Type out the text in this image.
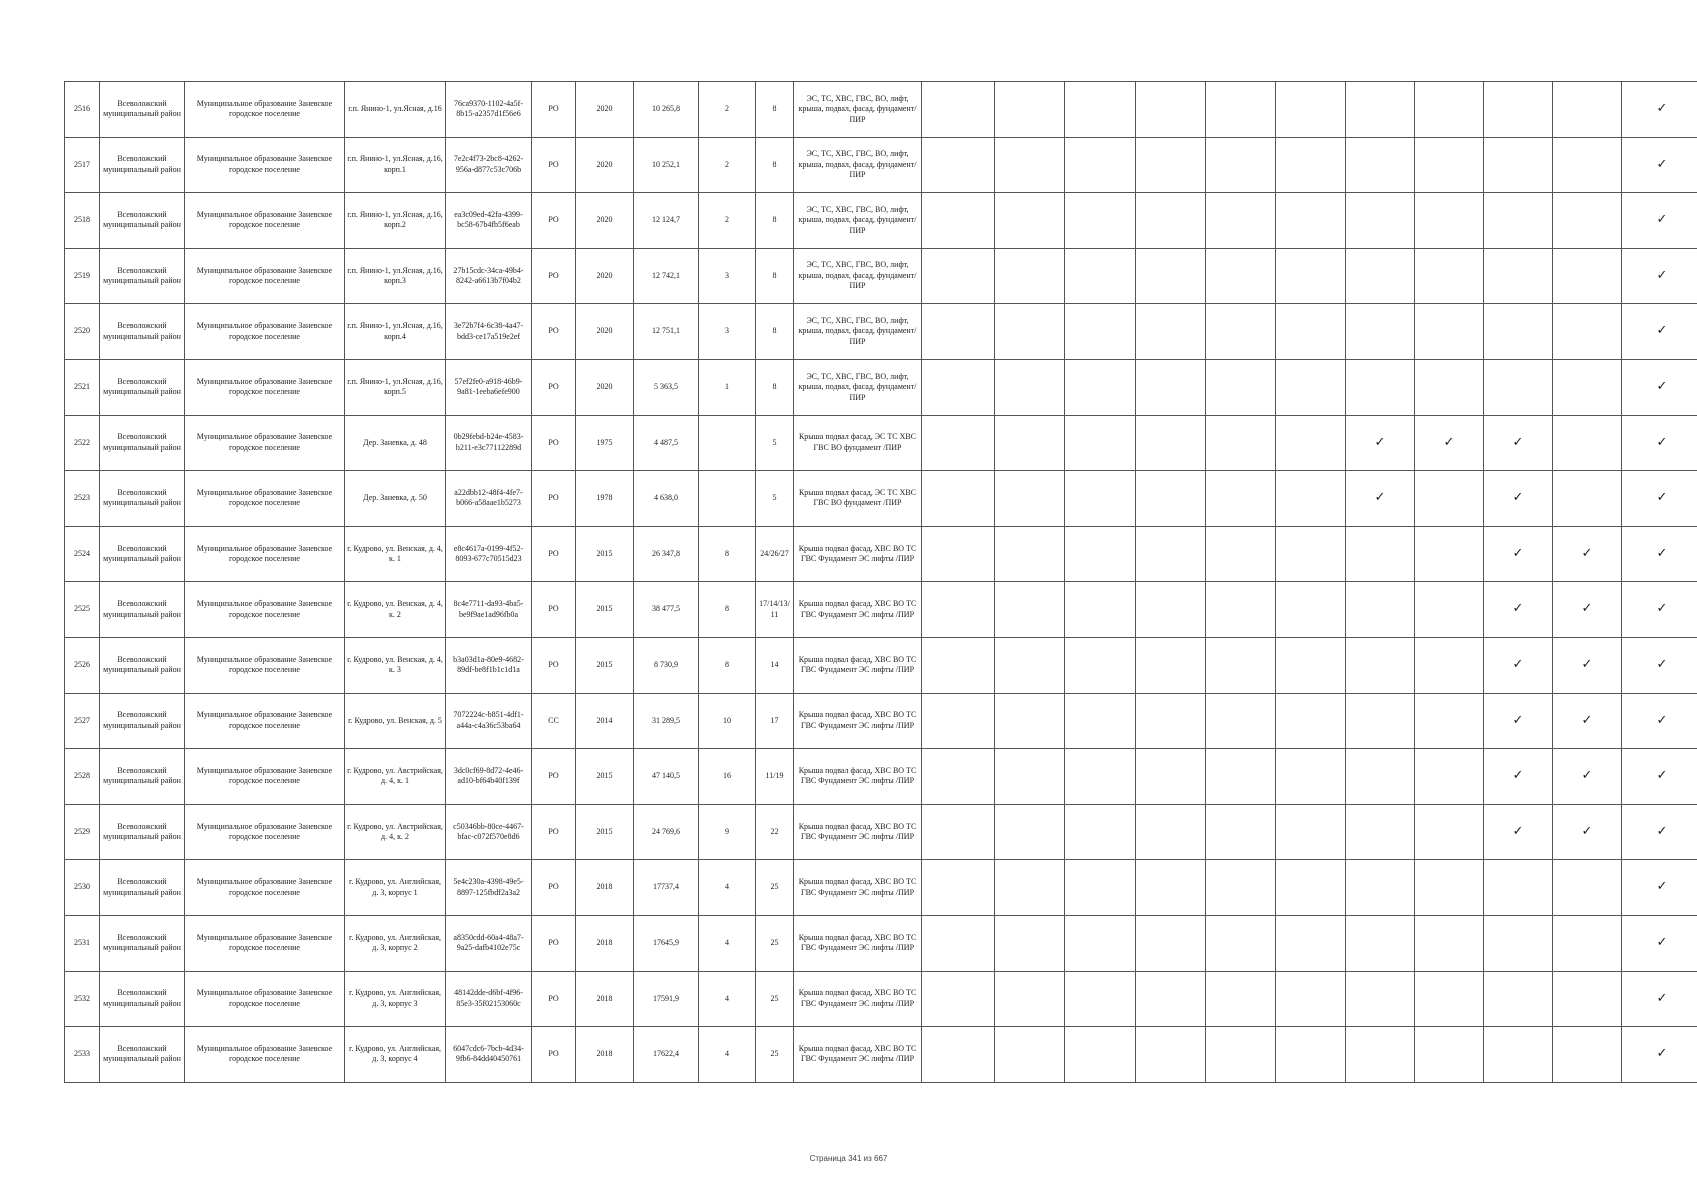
2516	Всеволожский муниципальный район	Муниципальное образование Заневское городское поселение	г.п. Янино-1, ул.Ясная, д.16	76ca9370-1102-4a5f-8b15-a2357d1f56e6	РО	2020	10 265,8	2	8	ЭС, ТС, ХВС, ГВС, ВО, лифт, крыша, подвал, фасад, фундамент/ПИР											✓
2517	Всеволожский муниципальный район	Муниципальное образование Заневское городское поселение	г.п. Янино-1, ул.Ясная, д.16, корп.1	7e2c4f73-2bc8-4262-956a-d877c53c706b	РО	2020	10 252,1	2	8	ЭС, ТС, ХВС, ГВС, ВО, лифт, крыша, подвал, фасад, фундамент/ПИР											✓
2518	Всеволожский муниципальный район	Муниципальное образование Заневское городское поселение	г.п. Янино-1, ул.Ясная, д.16, корп.2	ea3c09ed-42fa-4399-bc58-67b4fb5f6eab	РО	2020	12 124,7	2	8	ЭС, ТС, ХВС, ГВС, ВО, лифт, крыша, подвал, фасад, фундамент/ПИР											✓
2519	Всеволожский муниципальный район	Муниципальное образование Заневское городское поселение	г.п. Янино-1, ул.Ясная, д.16, корп.3	27b15cdc-34ca-49b4-8242-a6613b7f04b2	РО	2020	12 742,1	3	8	ЭС, ТС, ХВС, ГВС, ВО, лифт, крыша, подвал, фасад, фундамент/ПИР											✓
2520	Всеволожский муниципальный район	Муниципальное образование Заневское городское поселение	г.п. Янино-1, ул.Ясная, д.16, корп.4	3e72b7f4-6c38-4a47-bdd3-ce17a519e2ef	РО	2020	12 751,1	3	8	ЭС, ТС, ХВС, ГВС, ВО, лифт, крыша, подвал, фасад, фундамент/ПИР											✓
2521	Всеволожский муниципальный район	Муниципальное образование Заневское городское поселение	г.п. Янино-1, ул.Ясная, д.16, корп.5	57ef2fe0-a918-46b9-9a81-1eeba6efe900	РО	2020	5 363,5	1	8	ЭС, ТС, ХВС, ГВС, ВО, лифт, крыша, подвал, фасад, фундамент/ПИР											✓
2522	Всеволожский муниципальный район	Муниципальное образование Заневское городское поселение	Дер. Заневка, д. 48	0b29febd-b24e-4583-b211-e3c77112289d	РО	1975	4 487,5		5	Крыша подвал фасад, ЭС ТС ХВС ГВС ВО фундамент /ПИР							✓	✓	✓		✓
2523	Всеволожский муниципальный район	Муниципальное образование Заневское городское поселение	Дер. Заневка, д. 50	a22dbb12-48f4-4fe7-b066-a58aae1b5273	РО	1978	4 638,0		5	Крыша подвал фасад, ЭС ТС ХВС ГВС ВО фундамент /ПИР							✓		✓		✓
2524	Всеволожский муниципальный район	Муниципальное образование Заневское городское поселение	г. Кудрово, ул. Венская, д. 4, к. 1	e8c4617a-0199-4f52-8093-677c70515d23	РО	2015	26 347,8	8	24/26/27	Крыша подвал фасад, ХВС ВО ТС ГВС Фундамент ЭС лифты /ПИР									✓	✓	✓
2525	Всеволожский муниципальный район	Муниципальное образование Заневское городское поселение	г. Кудрово, ул. Венская, д. 4, к. 2	8c4e7711-da93-4ba5-be9f9ae1ad96fb0a	РО	2015	38 477,5	8	17/14/13/11	Крыша подвал фасад, ХВС ВО ТС ГВС Фундамент ЭС лифты /ПИР									✓	✓	✓
2526	Всеволожский муниципальный район	Муниципальное образование Заневское городское поселение	г. Кудрово, ул. Венская, д. 4, к. 3	b3a03d1a-80e9-4682-89df-be8f1b1c1d1a	РО	2015	8 730,9	8	14	Крыша подвал фасад, ХВС ВО ТС ГВС Фундамент ЭС лифты /ПИР									✓	✓	✓
2527	Всеволожский муниципальный район	Муниципальное образование Заневское городское поселение	г. Кудрово, ул. Венская, д. 5	7072224c-b851-4df1-a44a-c4a36c53ba64	СС	2014	31 289,5	10	17	Крыша подвал фасад, ХВС ВО ТС ГВС Фундамент ЭС лифты /ПИР									✓	✓	✓
2528	Всеволожский муниципальный район	Муниципальное образование Заневское городское поселение	г. Кудрово, ул. Австрийская, д. 4, к. 1	3dc0cf69-8d72-4e46-ad10-bf64b40f139f	РО	2015	47 140,5	16	11/19	Крыша подвал фасад, ХВС ВО ТС ГВС Фундамент ЭС лифты /ПИР									✓	✓	✓
2529	Всеволожский муниципальный район	Муниципальное образование Заневское городское поселение	г. Кудрово, ул. Австрийская, д. 4, к. 2	c50346bb-80ce-4467-bfac-c072f570e8d6	РО	2015	24 769,6	9	22	Крыша подвал фасад, ХВС ВО ТС ГВС Фундамент ЭС лифты /ПИР									✓	✓	✓
2530	Всеволожский муниципальный район	Муниципальное образование Заневское городское поселение	г. Кудрово, ул. Английская, д. 3, корпус 1	5e4c230a-4398-49e5-8897-125fbdf2a3a2	РО	2018	17737,4	4	25	Крыша подвал фасад, ХВС ВО ТС ГВС Фундамент ЭС лифты /ПИР											✓
2531	Всеволожский муниципальный район	Муниципальное образование Заневское городское поселение	г. Кудрово, ул. Английская, д. 3, корпус 2	a8350cdd-60a4-48a7-9a25-dafb4102e75c	РО	2018	17645,9	4	25	Крыша подвал фасад, ХВС ВО ТС ГВС Фундамент ЭС лифты /ПИР											✓
2532	Всеволожский муниципальный район	Муниципальное образование Заневское городское поселение	г. Кудрово, ул. Английская, д. 3, корпус 3	48142dde-d6bf-4f96-85e3-35f02153060c	РО	2018	17591,9	4	25	Крыша подвал фасад, ХВС ВО ТС ГВС Фундамент ЭС лифты /ПИР											✓
2533	Всеволожский муниципальный район	Муниципальное образование Заневское городское поселение	г. Кудрово, ул. Английская, д. 3, корпус 4	6047cdc6-7bcb-4d34-9fb6-84dd40450761	РО	2018	17622,4	4	25	Крыша подвал фасад, ХВС ВО ТС ГВС Фундамент ЭС лифты /ПИР											✓
Страница 341 из 667
